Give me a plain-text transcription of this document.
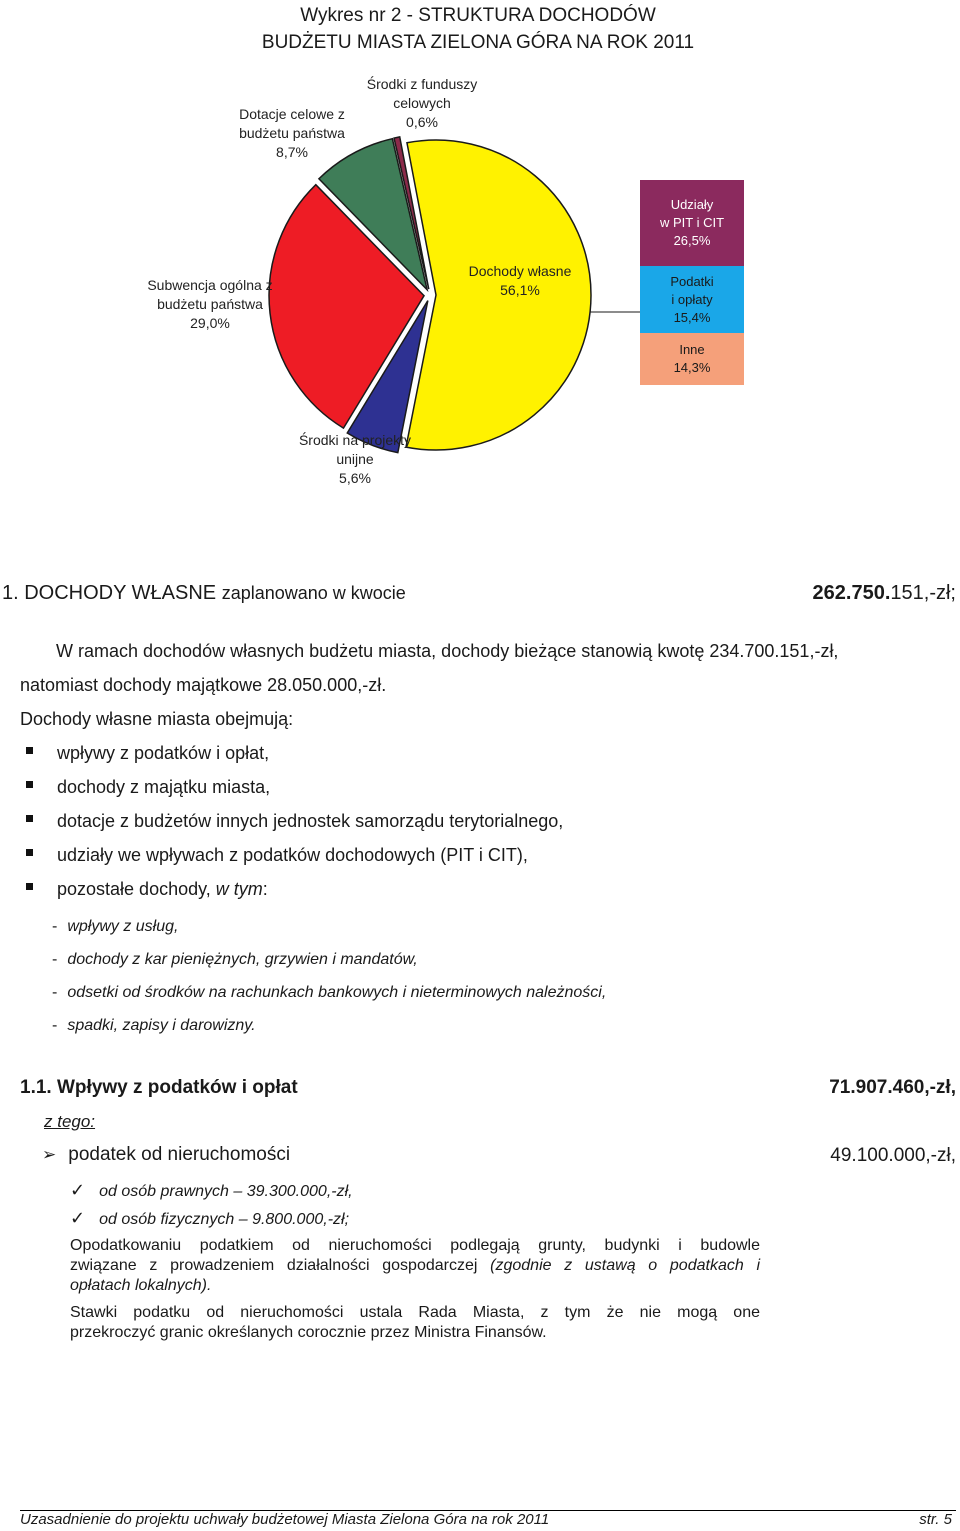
Wykres nr 2 - STRUKTURA DOCHODÓW
BUDŻETU MIASTA ZIELONA GÓRA NA ROK 2011
Dotacje celowe z
budżetu państwa
8,7%
Środki z funduszy
celowych
0,6%
Subwencja ogólna z
budżetu państwa
29,0%
Dochody własne
56,1%
Środki na projekty
unijne
5,6%
Udziały
w PIT i CIT
26,5%
Podatki
i opłaty
15,4%
Inne
14,3%
1. DOCHODY WŁASNE zaplanowano w kwocie	262.750.151,-zł;
W ramach dochodów własnych budżetu miasta, dochody bieżące stanowią kwotę 234.700.151,-zł,
natomiast dochody majątkowe 28.050.000,-zł.
Dochody własne miasta obejmują:
wpływy z podatków i opłat,
dochody z majątku miasta,
dotacje z budżetów innych jednostek samorządu terytorialnego,
udziały we wpływach z podatków dochodowych (PIT i CIT),
pozostałe dochody,
w tym :
- wpływy z usług,
- dochody z kar pieniężnych, grzywien i mandatów,
- odsetki od środków na rachunkach bankowych i nieterminowych należności,
- spadki, zapisy i darowizny.
1.1. Wpływy z podatków i opłat	71.907.460,-zł,
z tego:
➢ podatek od nieruchomości	49.100.000,-zł,
✓ od osób prawnych – 39.300.000,-zł,
✓ od osób fizycznych – 9.800.000,-zł;
Opodatkowaniu podatkiem od nieruchomości podlegają grunty, budynki i budowle
związane z prowadzeniem działalności gospodarczej (zgodnie z ustawą o podatkach i
opłatach lokalnych).
Stawki podatku od nieruchomości ustala Rada Miasta, z tym że nie mogą one
przekroczyć granic określanych corocznie przez Ministra Finansów.
Uzasadnienie do projektu uchwały budżetowej Miasta Zielona Góra na rok 2011	str. 5
